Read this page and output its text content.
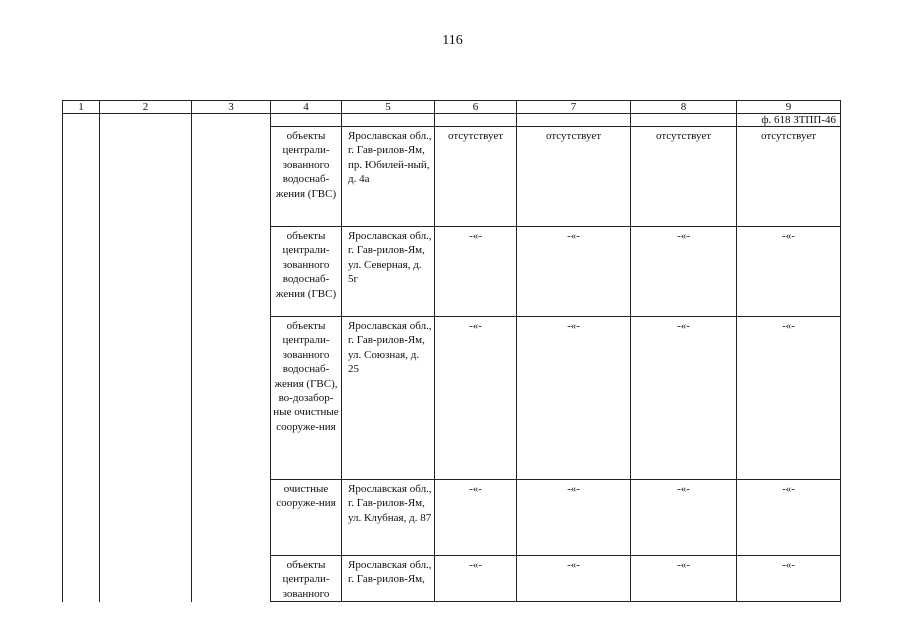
116
1	2	3	4	5	6	7	8	9
								ф. 618 ЗТПП-46
			объекты централи-зованного водоснаб-жения (ГВС)	Ярославская обл., г. Гав-рилов-Ям, пр. Юбилей-ный, д. 4а	отсутствует	отсутствует	отсутствует	отсутствует
			объекты централи-зованного водоснаб-жения (ГВС)	Ярославская обл., г. Гав-рилов-Ям, ул. Северная, д. 5г	-«-	-«-	-«-	-«-
			объекты централи-зованного водоснаб-жения (ГВС), во-дозабор-ные очистные сооруже-ния	Ярославская обл., г. Гав-рилов-Ям, ул. Союзная, д. 25	-«-	-«-	-«-	-«-
			очистные сооруже-ния	Ярославская обл., г. Гав-рилов-Ям, ул. Клубная, д. 87	-«-	-«-	-«-	-«-
			объекты централи-зованного	Ярославская обл., г. Гав-рилов-Ям,	-«-	-«-	-«-	-«-
